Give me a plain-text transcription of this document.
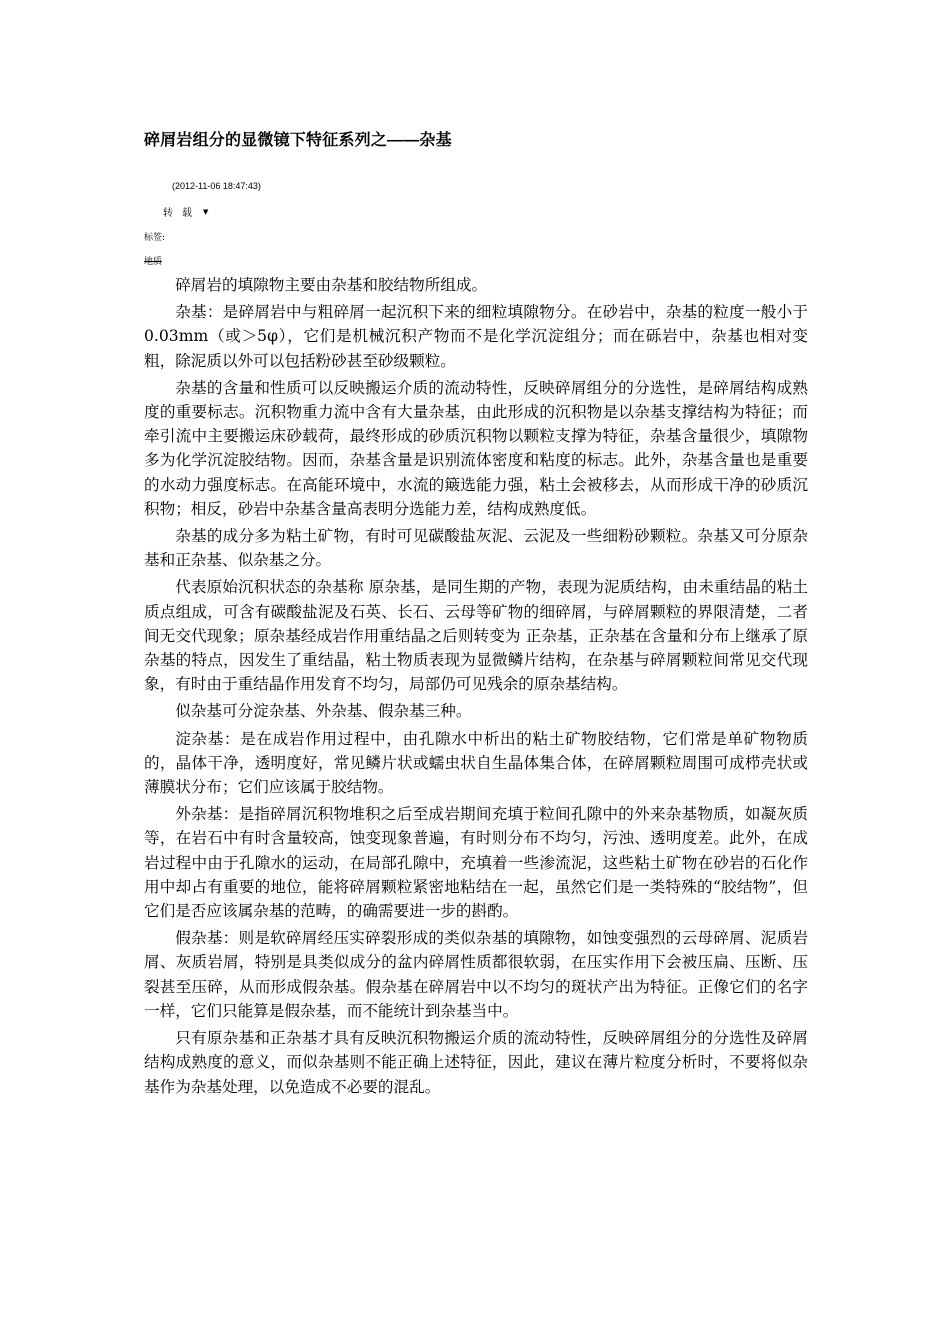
碎屑岩组分的显微镜下特征系列之——杂基
(2012-11-06 18:47:43)
转载 ▼
标签:
地质

碎屑岩的填隙物主要由杂基和胶结物所组成。

杂基：是碎屑岩中与粗碎屑一起沉积下来的细粒填隙物分。在砂岩中，杂基的粒度一般小于 0.03mm（或＞5φ），它们是机械沉积产物而不是化学沉淀组分；而在砾岩中，杂基也相对变粗，除泥质以外可以包括粉砂甚至砂级颗粒。

杂基的含量和性质可以反映搬运介质的流动特性，反映碎屑组分的分选性，是碎屑结构成熟度的重要标志。沉积物重力流中含有大量杂基，由此形成的沉积物是以杂基支撑结构为特征；而牵引流中主要搬运床砂载荷，最终形成的砂质沉积物以颗粒支撑为特征，杂基含量很少，填隙物多为化学沉淀胶结物。因而，杂基含量是识别流体密度和粘度的标志。此外，杂基含量也是重要的水动力强度标志。在高能环境中，水流的簸选能力强，粘土会被移去，从而形成干净的砂质沉积物；相反，砂岩中杂基含量高表明分选能力差，结构成熟度低。

杂基的成分多为粘土矿物，有时可见碳酸盐灰泥、云泥及一些细粉砂颗粒。杂基又可分原杂基和正杂基、似杂基之分。

代表原始沉积状态的杂基称 原杂基，是同生期的产物，表现为泥质结构，由未重结晶的粘土质点组成，可含有碳酸盐泥及石英、长石、云母等矿物的细碎屑，与碎屑颗粒的界限清楚，二者间无交代现象；原杂基经成岩作用重结晶之后则转变为 正杂基，正杂基在含量和分布上继承了原杂基的特点，因发生了重结晶，粘土物质表现为显微鳞片结构，在杂基与碎屑颗粒间常见交代现象，有时由于重结晶作用发育不均匀，局部仍可见残余的原杂基结构。

似杂基可分淀杂基、外杂基、假杂基三种。

淀杂基：是在成岩作用过程中，由孔隙水中析出的粘土矿物胶结物，它们常是单矿物物质的，晶体干净，透明度好，常见鳞片状或蠕虫状自生晶体集合体，在碎屑颗粒周围可成栉壳状或薄膜状分布；它们应该属于胶结物。

外杂基：是指碎屑沉积物堆积之后至成岩期间充填于粒间孔隙中的外来杂基物质，如凝灰质等，在岩石中有时含量较高，蚀变现象普遍，有时则分布不均匀，污浊、透明度差。此外，在成岩过程中由于孔隙水的运动，在局部孔隙中，充填着一些渗流泥，这些粘土矿物在砂岩的石化作用中却占有重要的地位，能将碎屑颗粒紧密地粘结在一起，虽然它们是一类特殊的“胶结物”，但它们是否应该属杂基的范畴，的确需要进一步的斟酌。

假杂基：则是软碎屑经压实碎裂形成的类似杂基的填隙物，如蚀变强烈的云母碎屑、泥质岩屑、灰质岩屑，特别是具类似成分的盆内碎屑性质都很软弱，在压实作用下会被压扁、压断、压裂甚至压碎，从而形成假杂基。假杂基在碎屑岩中以不均匀的斑状产出为特征。正像它们的名字一样，它们只能算是假杂基，而不能统计到杂基当中。

只有原杂基和正杂基才具有反映沉积物搬运介质的流动特性，反映碎屑组分的分选性及碎屑结构成熟度的意义，而似杂基则不能正确上述特征，因此，建议在薄片粒度分析时，不要将似杂基作为杂基处理，以免造成不必要的混乱。
